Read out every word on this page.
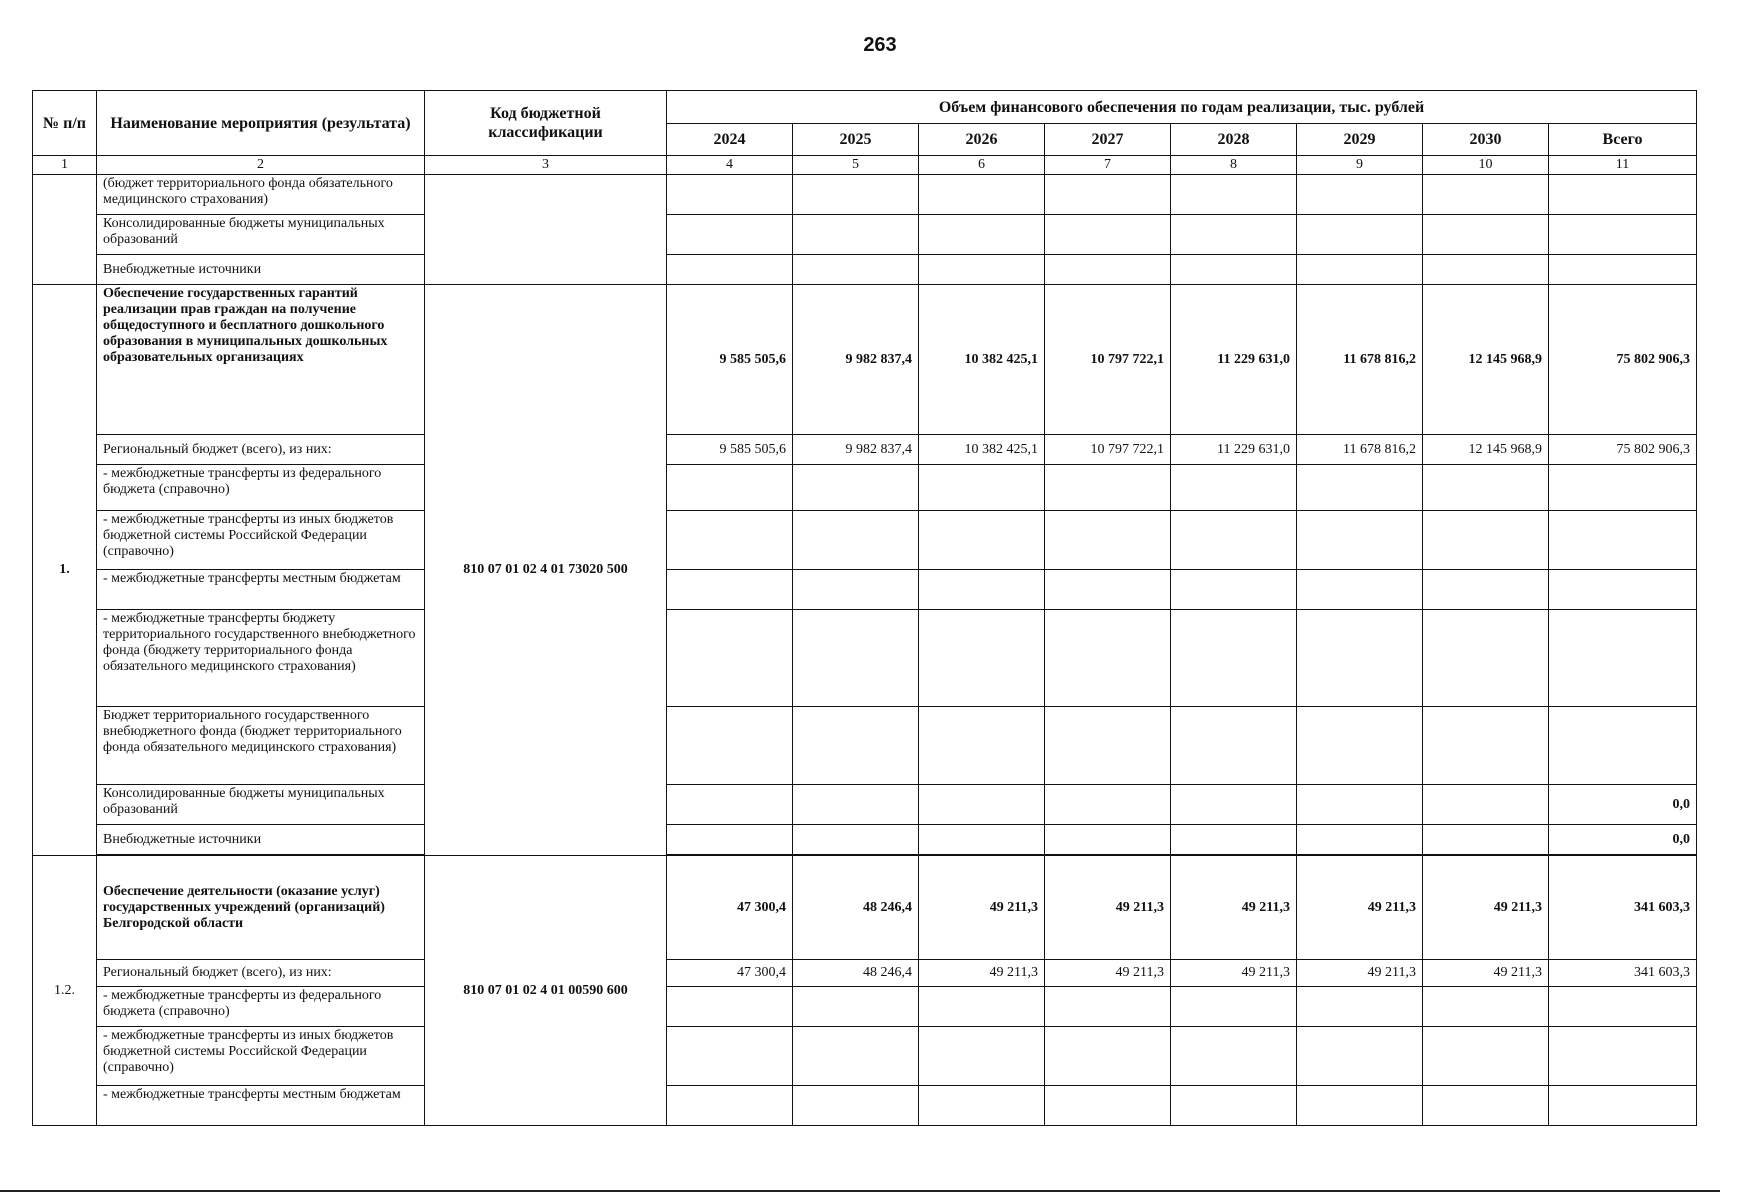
263
№ п/п	Наименование мероприятия (результата)	Код бюджетной классификации	Объем финансового обеспечения по годам реализации, тыс. рублей							
			2024	2025	2026	2027	2028	2029	2030	Всего
1	2	3	4	5	6	7	8	9	10	11
	(бюджет территориального фонда обязательного медицинского страхования)									
	Консолидированные бюджеты муниципальных образований									
	Внебюджетные источники									
1.	Обеспечение государственных гарантий реализации прав граждан на получение общедоступного и бесплатного дошкольного образования в муниципальных дошкольных образовательных организациях	810 07 01 02 4 01 73020 500	9 585 505,6	9 982 837,4	10 382 425,1	10 797 722,1	11 229 631,0	11 678 816,2	12 145 968,9	75 802 906,3
	Региональный бюджет (всего), из них:		9 585 505,6	9 982 837,4	10 382 425,1	10 797 722,1	11 229 631,0	11 678 816,2	12 145 968,9	75 802 906,3
	- межбюджетные трансферты из федерального бюджета (справочно)									
	- межбюджетные трансферты из иных бюджетов бюджетной системы Российской Федерации (справочно)									
	- межбюджетные трансферты местным бюджетам									
	- межбюджетные трансферты бюджету территориального государственного внебюджетного фонда (бюджету территориального фонда обязательного медицинского страхования)									
	Бюджет территориального государственного внебюджетного фонда (бюджет территориального фонда обязательного медицинского страхования)									
	Консолидированные бюджеты муниципальных образований									0,0
	Внебюджетные источники									0,0

1.2.	Обеспечение деятельности (оказание услуг) государственных учреждений (организаций) Белгородской области	810 07 01 02 4 01 00590 600	47 300,4	48 246,4	49 211,3	49 211,3	49 211,3	49 211,3	49 211,3	341 603,3
	Региональный бюджет (всего), из них:		47 300,4	48 246,4	49 211,3	49 211,3	49 211,3	49 211,3	49 211,3	341 603,3
	- межбюджетные трансферты из федерального бюджета (справочно)									
	- межбюджетные трансферты из иных бюджетов бюджетной системы Российской Федерации (справочно)									
	- межбюджетные трансферты местным бюджетам									
